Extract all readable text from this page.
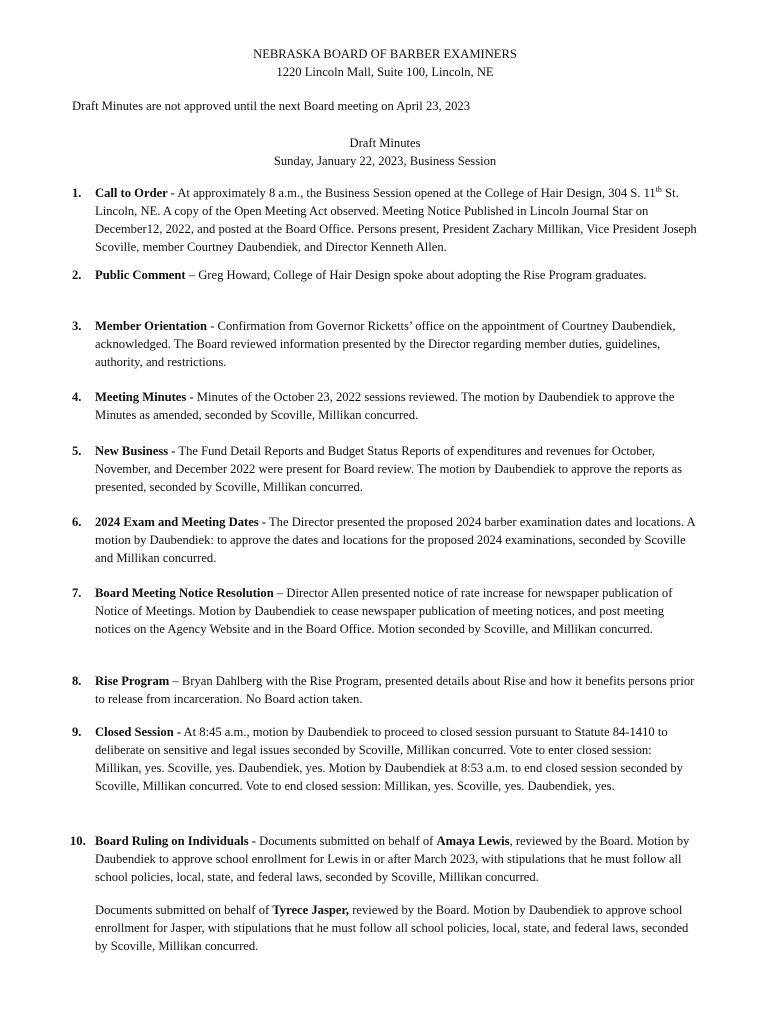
NEBRASKA BOARD OF BARBER EXAMINERS
1220 Lincoln Mall, Suite 100, Lincoln, NE
Draft Minutes are not approved until the next Board meeting on April 23, 2023
Draft Minutes
Sunday, January 22, 2023, Business Session
1. Call to Order - At approximately 8 a.m., the Business Session opened at the College of Hair Design, 304 S. 11th St. Lincoln, NE. A copy of the Open Meeting Act observed. Meeting Notice Published in Lincoln Journal Star on December12, 2022, and posted at the Board Office. Persons present, President Zachary Millikan, Vice President Joseph Scoville, member Courtney Daubendiek, and Director Kenneth Allen.
2. Public Comment – Greg Howard, College of Hair Design spoke about adopting the Rise Program graduates.
3. Member Orientation - Confirmation from Governor Ricketts’ office on the appointment of Courtney Daubendiek, acknowledged. The Board reviewed information presented by the Director regarding member duties, guidelines, authority, and restrictions.
4. Meeting Minutes - Minutes of the October 23, 2022 sessions reviewed. The motion by Daubendiek to approve the Minutes as amended, seconded by Scoville, Millikan concurred.
5. New Business - The Fund Detail Reports and Budget Status Reports of expenditures and revenues for October, November, and December 2022 were present for Board review. The motion by Daubendiek to approve the reports as presented, seconded by Scoville, Millikan concurred.
6. 2024 Exam and Meeting Dates - The Director presented the proposed 2024 barber examination dates and locations. A motion by Daubendiek: to approve the dates and locations for the proposed 2024 examinations, seconded by Scoville and Millikan concurred.
7. Board Meeting Notice Resolution – Director Allen presented notice of rate increase for newspaper publication of Notice of Meetings. Motion by Daubendiek to cease newspaper publication of meeting notices, and post meeting notices on the Agency Website and in the Board Office. Motion seconded by Scoville, and Millikan concurred.
8. Rise Program – Bryan Dahlberg with the Rise Program, presented details about Rise and how it benefits persons prior to release from incarceration. No Board action taken.
9. Closed Session - At 8:45 a.m., motion by Daubendiek to proceed to closed session pursuant to Statute 84-1410 to deliberate on sensitive and legal issues seconded by Scoville, Millikan concurred. Vote to enter closed session: Millikan, yes. Scoville, yes. Daubendiek, yes. Motion by Daubendiek at 8:53 a.m. to end closed session seconded by Scoville, Millikan concurred. Vote to end closed session: Millikan, yes. Scoville, yes. Daubendiek, yes.
10. Board Ruling on Individuals - Documents submitted on behalf of Amaya Lewis, reviewed by the Board. Motion by Daubendiek to approve school enrollment for Lewis in or after March 2023, with stipulations that he must follow all school policies, local, state, and federal laws, seconded by Scoville, Millikan concurred.
Documents submitted on behalf of Tyrece Jasper, reviewed by the Board. Motion by Daubendiek to approve school enrollment for Jasper, with stipulations that he must follow all school policies, local, state, and federal laws, seconded by Scoville, Millikan concurred.
